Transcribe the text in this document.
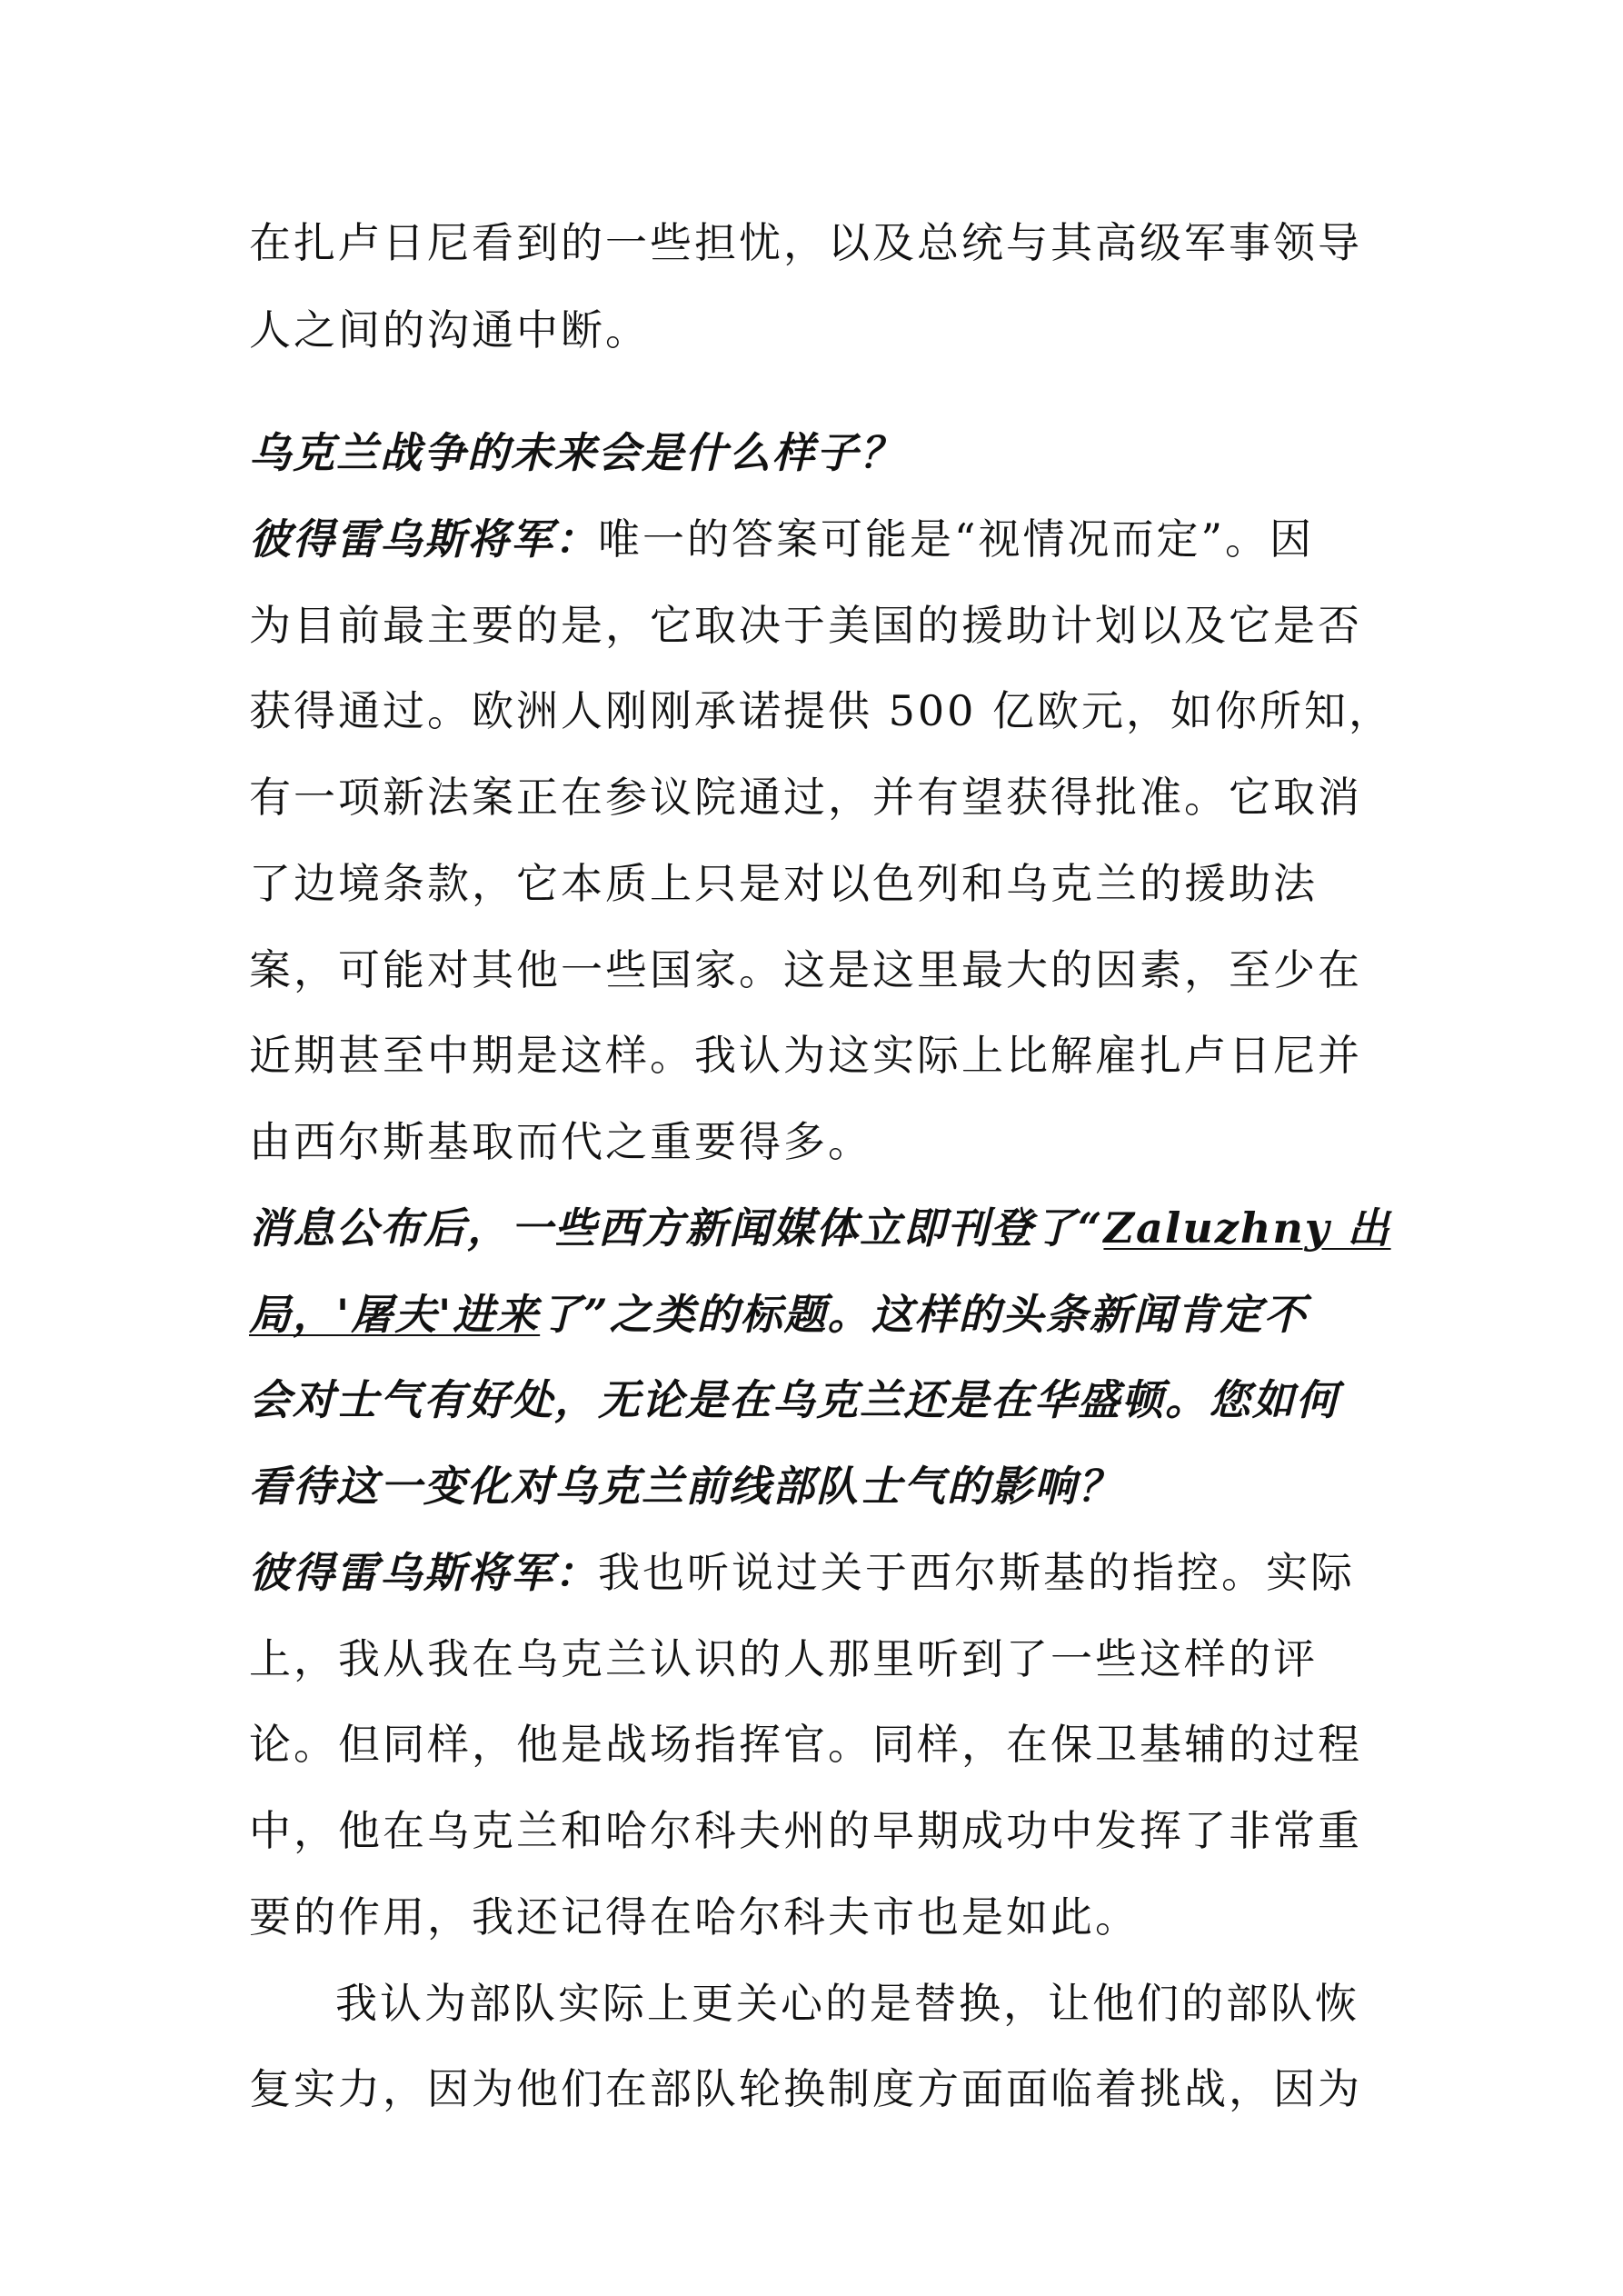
在扎卢日尼看到的一些担忧，以及总统与其高级军事领导
人之间的沟通中断。
乌克兰战争的未来会是什么样子？
彼得雷乌斯将军：唯一的答案可能是“视情况而定”。因
为目前最主要的是，它取决于美国的援助计划以及它是否
获得通过。欧洲人刚刚承诺提供 500 亿欧元，如你所知，
有一项新法案正在参议院通过，并有望获得批准。它取消
了边境条款，它本质上只是对以色列和乌克兰的援助法
案，可能对其他一些国家。这是这里最大的因素，至少在
近期甚至中期是这样。我认为这实际上比解雇扎卢日尼并
由西尔斯基取而代之重要得多。
消息公布后，一些西方新闻媒体立即刊登了“Zaluzhny 出
局，'屠夫'进来了”之类的标题。这样的头条新闻肯定不
会对士气有好处，无论是在乌克兰还是在华盛顿。您如何
看待这一变化对乌克兰前线部队士气的影响？
彼得雷乌斯将军：我也听说过关于西尔斯基的指控。实际
上，我从我在乌克兰认识的人那里听到了一些这样的评
论。但同样，他是战场指挥官。同样，在保卫基辅的过程
中，他在乌克兰和哈尔科夫州的早期成功中发挥了非常重
要的作用，我还记得在哈尔科夫市也是如此。
我认为部队实际上更关心的是替换，让他们的部队恢
复实力，因为他们在部队轮换制度方面面临着挑战，因为
